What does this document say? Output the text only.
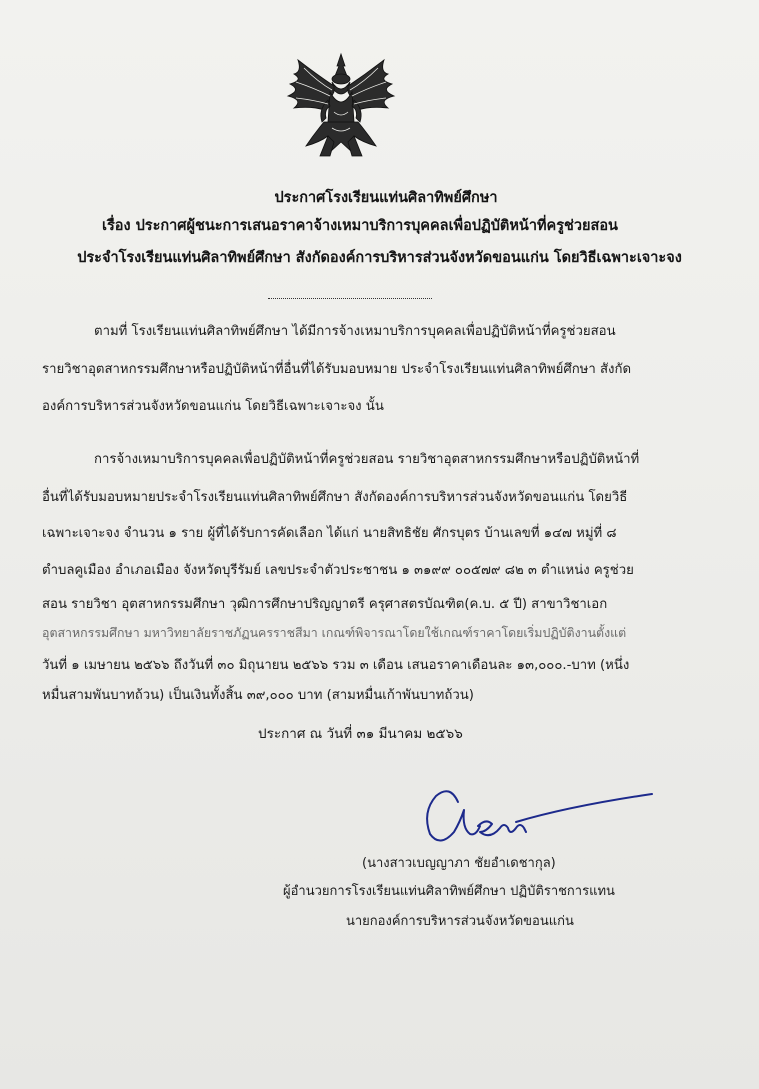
ประกาศโรงเรียนแท่นศิลาทิพย์ศึกษา
เรื่อง ประกาศผู้ชนะการเสนอราคาจ้างเหมาบริการบุคคลเพื่อปฏิบัติหน้าที่ครูช่วยสอน
ประจำโรงเรียนแท่นศิลาทิพย์ศึกษา สังกัดองค์การบริหารส่วนจังหวัดขอนแก่น โดยวิธีเฉพาะเจาะจง
ตามที่ โรงเรียนแท่นศิลาทิพย์ศึกษา ได้มีการจ้างเหมาบริการบุคคลเพื่อปฏิบัติหน้าที่ครูช่วยสอน
รายวิชาอุตสาหกรรมศึกษาหรือปฏิบัติหน้าที่อื่นที่ได้รับมอบหมาย ประจำโรงเรียนแท่นศิลาทิพย์ศึกษา สังกัด
องค์การบริหารส่วนจังหวัดขอนแก่น โดยวิธีเฉพาะเจาะจง นั้น
การจ้างเหมาบริการบุคคลเพื่อปฏิบัติหน้าที่ครูช่วยสอน รายวิชาอุตสาหกรรมศึกษาหรือปฏิบัติหน้าที่
อื่นที่ได้รับมอบหมายประจำโรงเรียนแท่นศิลาทิพย์ศึกษา สังกัดองค์การบริหารส่วนจังหวัดขอนแก่น โดยวิธี
เฉพาะเจาะจง จำนวน ๑ ราย ผู้ที่ได้รับการคัดเลือก ได้แก่ นายสิทธิชัย ศักรบุตร บ้านเลขที่ ๑๔๗ หมู่ที่ ๘
ตำบลคูเมือง อำเภอเมือง จังหวัดบุรีรัมย์ เลขประจำตัวประชาชน ๑ ๓๑๙๙ ๐๐๕๗๙ ๘๒ ๓ ตำแหน่ง ครูช่วย
สอน รายวิชา อุตสาหกรรมศึกษา วุฒิการศึกษาปริญญาตรี ครุศาสตรบัณฑิต(ค.บ. ๕ ปี) สาขาวิชาเอก
อุตสาหกรรมศึกษา มหาวิทยาลัยราชภัฏนครราชสีมา เกณฑ์พิจารณาโดยใช้เกณฑ์ราคาโดยเริ่มปฏิบัติงานตั้งแต่
วันที่ ๑ เมษายน ๒๕๖๖ ถึงวันที่ ๓๐ มิถุนายน ๒๕๖๖ รวม ๓ เดือน เสนอราคาเดือนละ ๑๓,๐๐๐.-บาท (หนึ่ง
หมื่นสามพันบาทถ้วน) เป็นเงินทั้งสิ้น ๓๙,๐๐๐ บาท (สามหมื่นเก้าพันบาทถ้วน)
ประกาศ ณ วันที่ ๓๑ มีนาคม ๒๕๖๖
(นางสาวเบญญาภา ชัยอำเดชากุล)
ผู้อำนวยการโรงเรียนแท่นศิลาทิพย์ศึกษา ปฏิบัติราชการแทน
นายกองค์การบริหารส่วนจังหวัดขอนแก่น
